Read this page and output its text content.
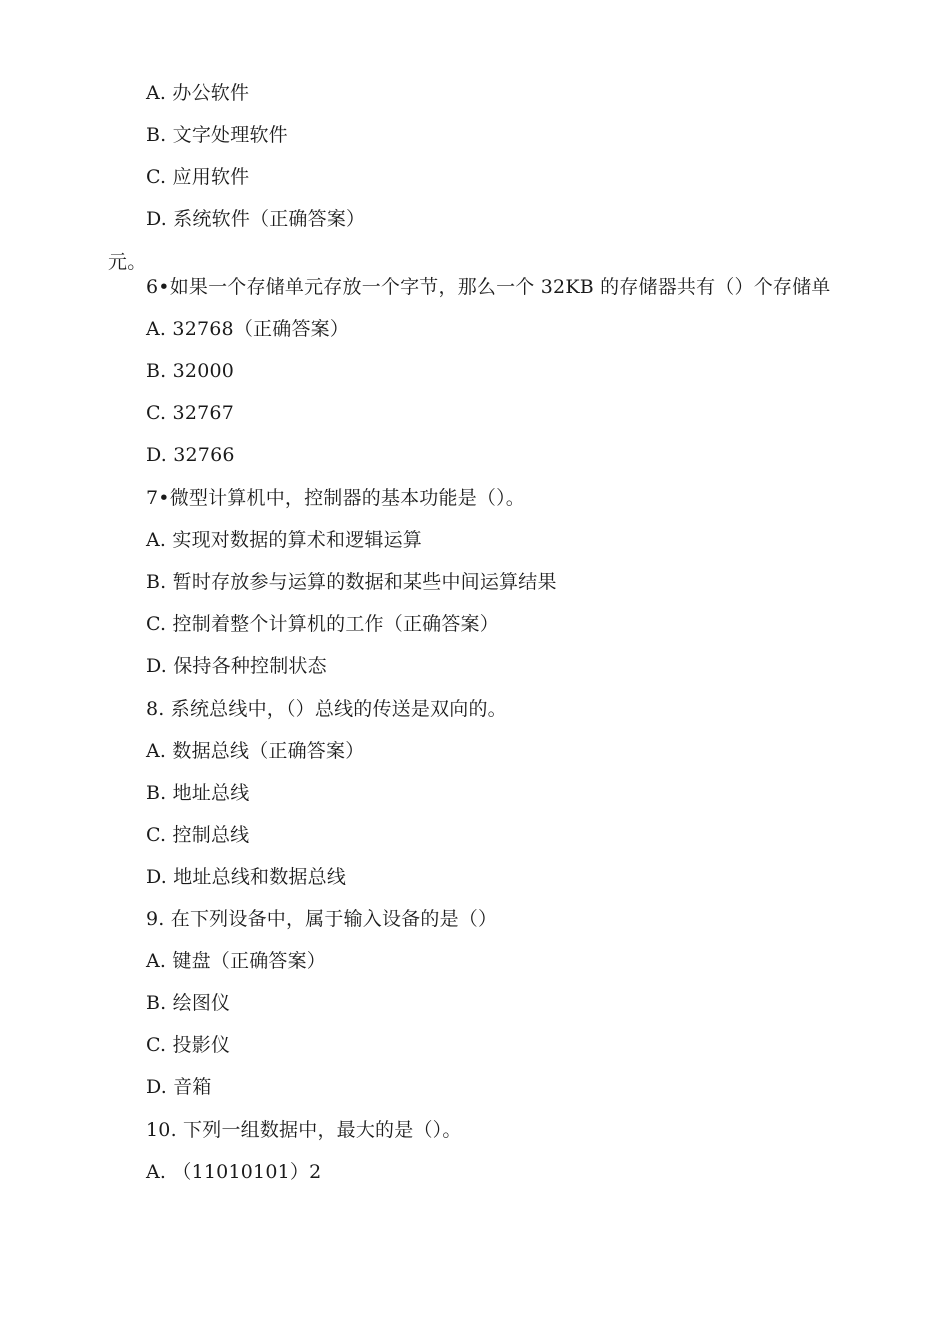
A. 办公软件
B. 文字处理软件
C. 应用软件
D. 系统软件（正确答案）
元。
6•如果一个存储单元存放一个字节，那么一个 32KB 的存储器共有（）个存储单
A. 32768（正确答案）
B. 32000
C. 32767
D. 32766
7•微型计算机中，控制器的基本功能是（）。
A. 实现对数据的算术和逻辑运算
B. 暂时存放参与运算的数据和某些中间运算结果
C. 控制着整个计算机的工作（正确答案）
D. 保持各种控制状态
8. 系统总线中，（）总线的传送是双向的。
A. 数据总线（正确答案）
B. 地址总线
C. 控制总线
D. 地址总线和数据总线
9. 在下列设备中，属于输入设备的是（）
A. 键盘（正确答案）
B. 绘图仪
C. 投影仪
D. 音箱
10. 下列一组数据中，最大的是（）。
A. （11010101）2
